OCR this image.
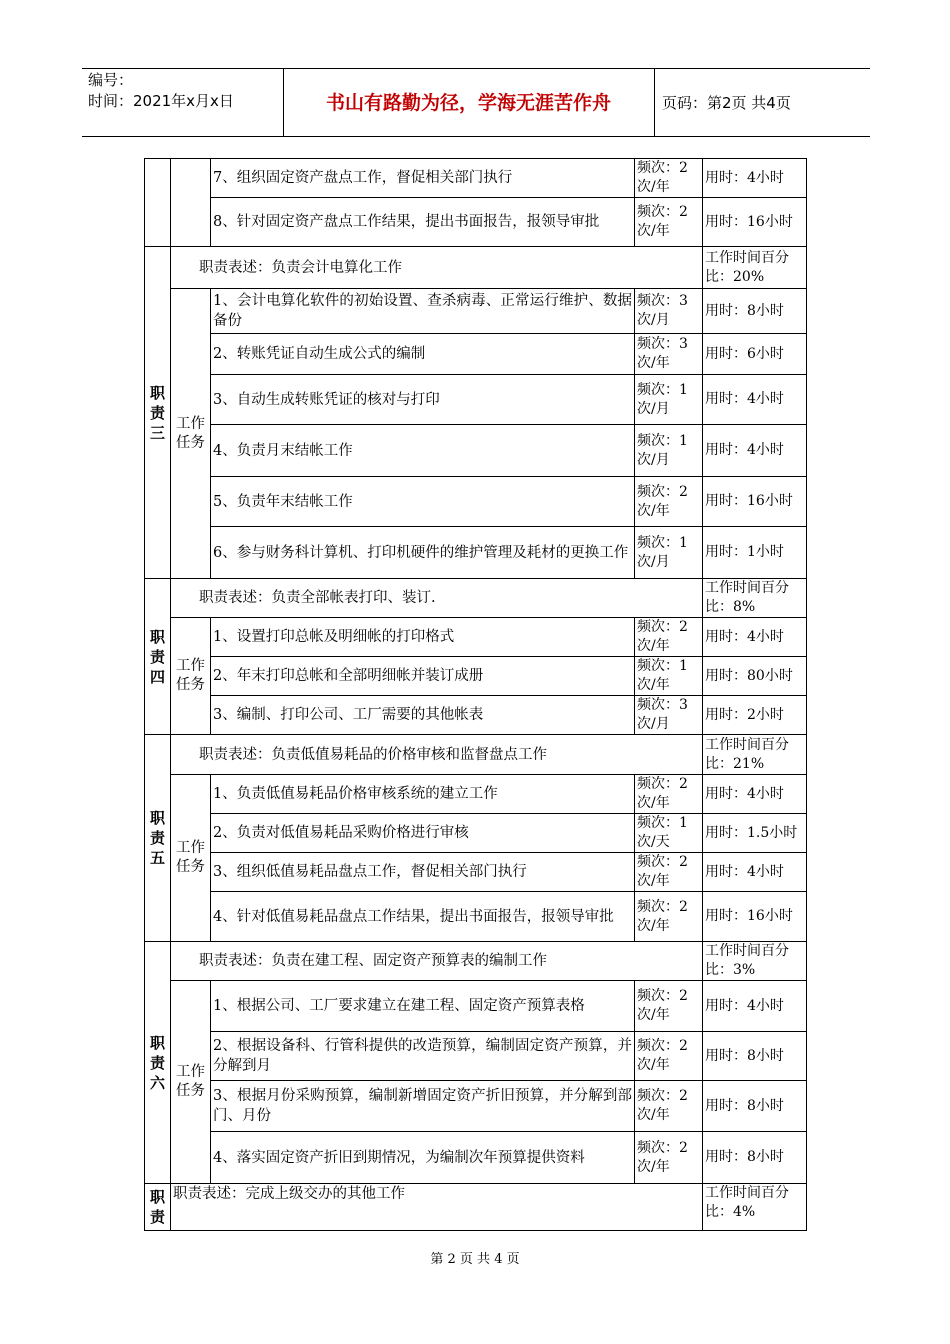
编号：
时间：2021年x月x日	书山有路勤为径，学海无涯苦作舟	页码：第2页 共4页
		7、组织固定资产盘点工作，督促相关部门执行	频次：2次/年	用时：4小时
		8、针对固定资产盘点工作结果，提出书面报告，报领导审批	频次：2次/年	用时：16小时
职责三	职责表述：负责会计电算化工作			工作时间百分比：20%
	工作任务	1、会计电算化软件的初始设置、查杀病毒、正常运行维护、数据备份	频次：3次/月	用时：8小时
		2、转账凭证自动生成公式的编制	频次：3次/年	用时：6小时
		3、自动生成转账凭证的核对与打印	频次：1次/月	用时：4小时
		4、负责月末结帐工作	频次：1次/月	用时：4小时
		5、负责年末结帐工作	频次：2次/年	用时：16小时
		6、参与财务科计算机、打印机硬件的维护管理及耗材的更换工作	频次：1次/月	用时：1小时
职责四	职责表述：负责全部帐表打印、装订.			工作时间百分比：8%
	工作任务	1、设置打印总帐及明细帐的打印格式	频次：2次/年	用时：4小时
		2、年末打印总帐和全部明细帐并装订成册	频次：1次/年	用时：80小时
		3、编制、打印公司、工厂需要的其他帐表	频次：3次/月	用时：2小时
职责五	职责表述：负责低值易耗品的价格审核和监督盘点工作			工作时间百分比：21%
	工作任务	1、负责低值易耗品价格审核系统的建立工作	频次：2次/年	用时：4小时
		2、负责对低值易耗品采购价格进行审核	频次：1次/天	用时：1.5小时
		3、组织低值易耗品盘点工作，督促相关部门执行	频次：2次/年	用时：4小时
		4、针对低值易耗品盘点工作结果，提出书面报告，报领导审批	频次：2次/年	用时：16小时
职责六	职责表述：负责在建工程、固定资产预算表的编制工作			工作时间百分比：3%
	工作任务	1、根据公司、工厂要求建立在建工程、固定资产预算表格	频次：2次/年	用时：4小时
		2、根据设备科、行管科提供的改造预算，编制固定资产预算，并分解到月	频次：2次/年	用时：8小时
		3、根据月份采购预算，编制新增固定资产折旧预算，并分解到部门、月份	频次：2次/年	用时：8小时
		4、落实固定资产折旧到期情况，为编制次年预算提供资料	频次：2次/年	用时：8小时
职责	职责表述：完成上级交办的其他工作			工作时间百分比：4%
第 2 页 共 4 页
